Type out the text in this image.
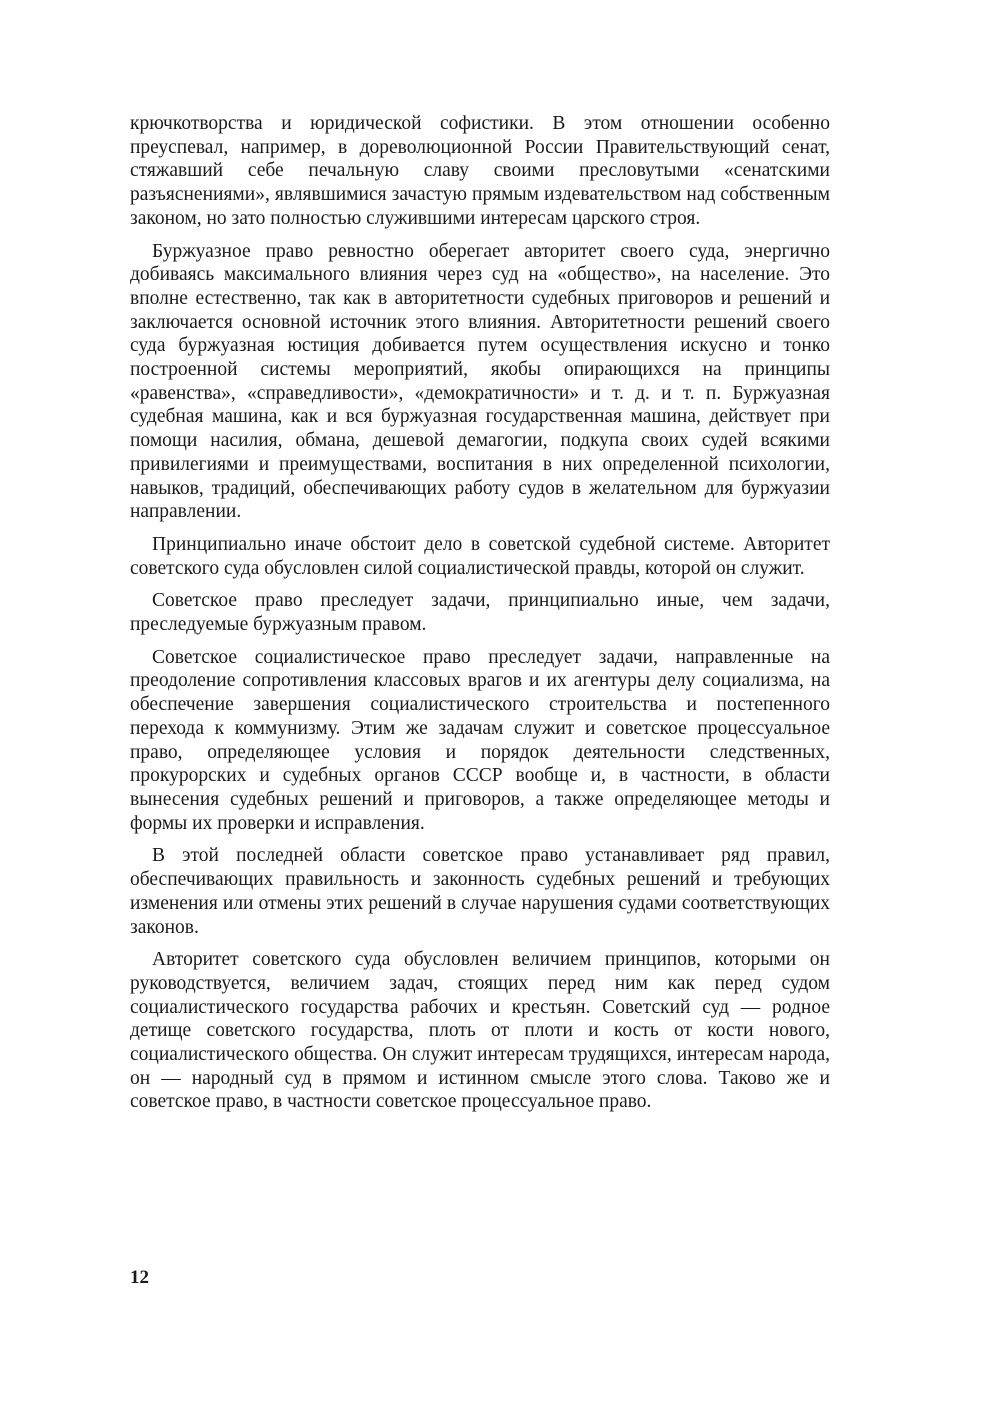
крючкотворства и юридической софистики. В этом отношении особенно преуспевал, например, в дореволюционной России Правительствующий сенат, стяжавший себе печальную славу своими пресловутыми «сенатскими разъяснениями», являвшимися зачастую прямым издевательством над собственным законом, но зато полностью служившими интересам царского строя.

Буржуазное право ревностно оберегает авторитет своего суда, энергично добиваясь максимального влияния через суд на «общество», на население. Это вполне естественно, так как в авторитетности судебных приговоров и решений и заключается основной источник этого влияния. Авторитетности решений своего суда буржуазная юстиция добивается путем осуществления искусно и тонко построенной системы мероприятий, якобы опирающихся на принципы «равенства», «справедливости», «демократичности» и т. д. и т. п. Буржуазная судебная машина, как и вся буржуазная государственная машина, действует при помощи насилия, обмана, дешевой демагогии, подкупа своих судей всякими привилегиями и преимуществами, воспитания в них определенной психологии, навыков, традиций, обеспечивающих работу судов в желательном для буржуазии направлении.

Принципиально иначе обстоит дело в советской судебной системе. Авторитет советского суда обусловлен силой социалистической правды, которой он служит.

Советское право преследует задачи, принципиально иные, чем задачи, преследуемые буржуазным правом.

Советское социалистическое право преследует задачи, направленные на преодоление сопротивления классовых врагов и их агентуры делу социализма, на обеспечение завершения социалистического строительства и постепенного перехода к коммунизму. Этим же задачам служит и советское процессуальное право, определяющее условия и порядок деятельности следственных, прокурорских и судебных органов СССР вообще и, в частности, в области вынесения судебных решений и приговоров, а также определяющее методы и формы их проверки и исправления.

В этой последней области советское право устанавливает ряд правил, обеспечивающих правильность и законность судебных решений и требующих изменения или отмены этих решений в случае нарушения судами соответствующих законов.

Авторитет советского суда обусловлен величием принципов, которыми он руководствуется, величием задач, стоящих перед ним как перед судом социалистического государства рабочих и крестьян. Советский суд — родное детище советского государства, плоть от плоти и кость от кости нового, социалистического общества. Он служит интересам трудящихся, интересам народа, он — народный суд в прямом и истинном смысле этого слова. Таково же и советское право, в частности советское процессуальное право.

12
